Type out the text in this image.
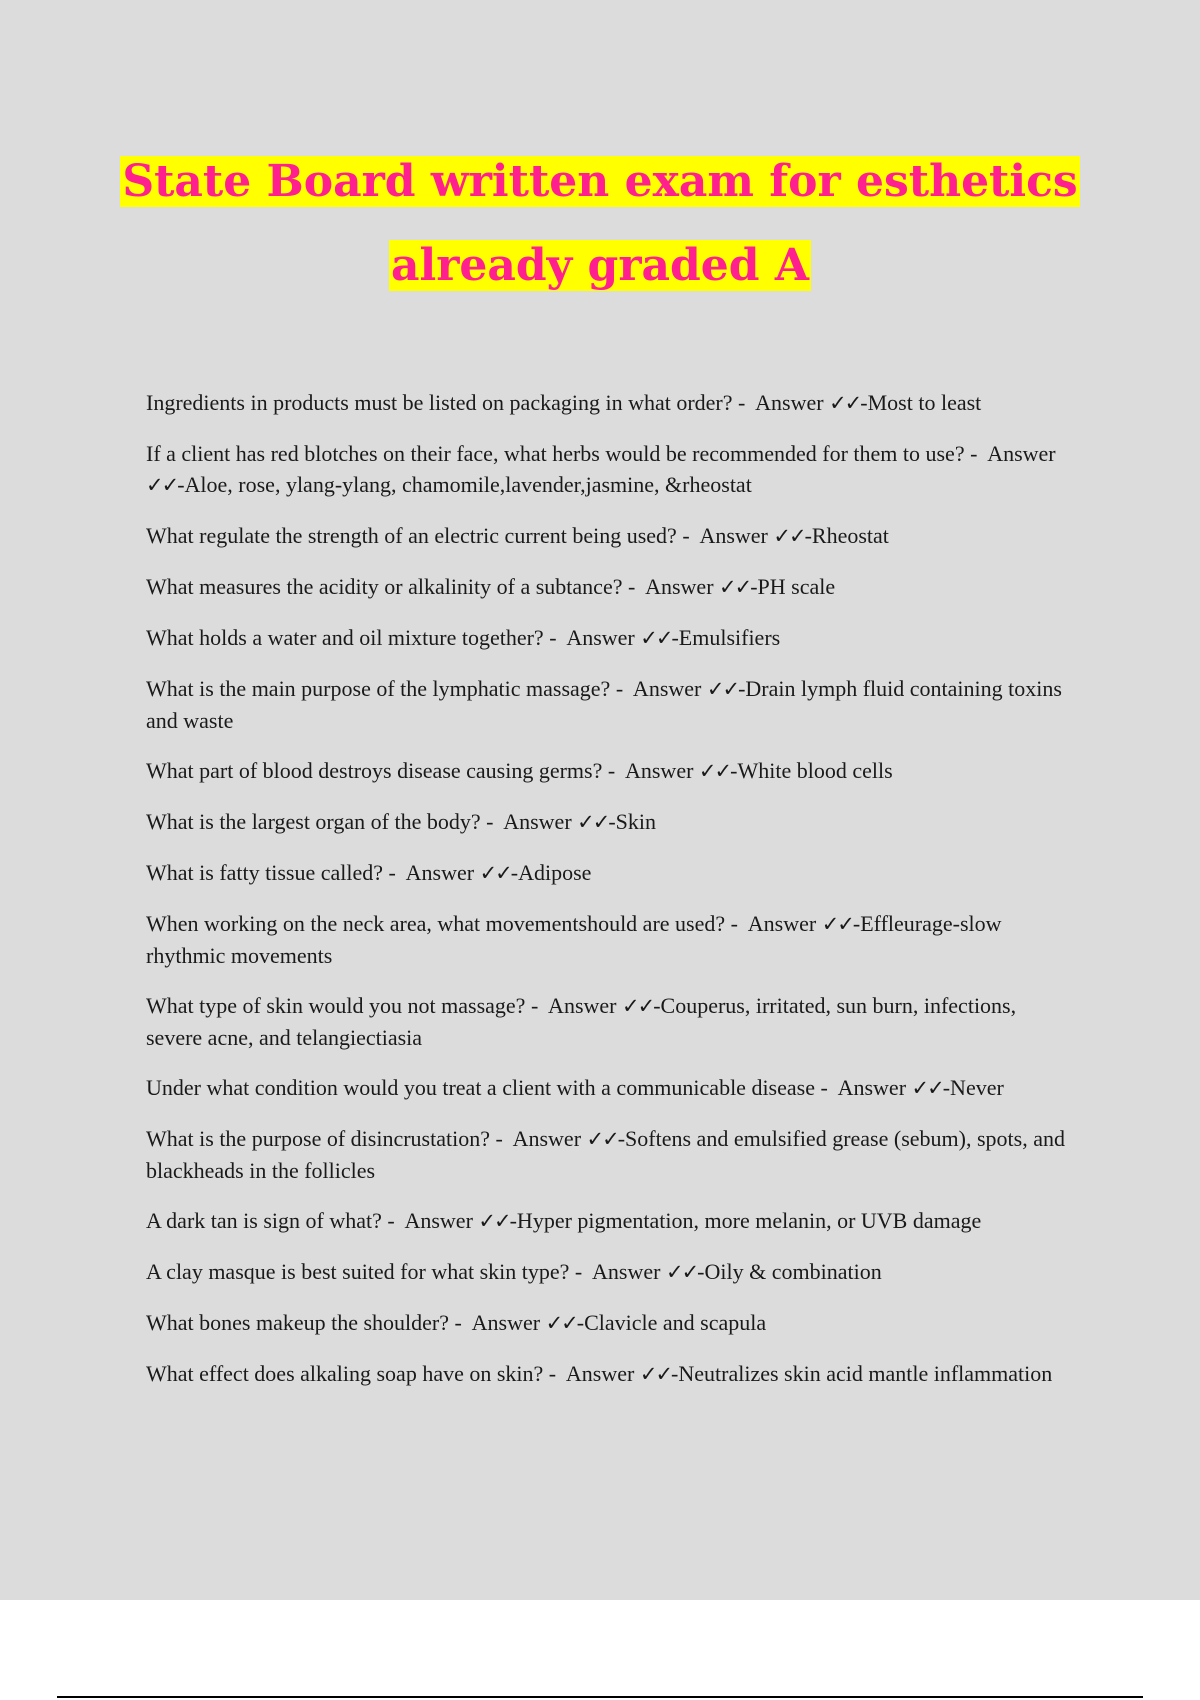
State Board written exam for esthetics
already graded A

Ingredients in products must be listed on packaging in what order? -  Answer ✓✓-Most to least

If a client has red blotches on their face, what herbs would be recommended for them to use? -  Answer ✓✓-Aloe, rose, ylang-ylang, chamomile,lavender,jasmine, &rheostat

What regulate the strength of an electric current being used? -  Answer ✓✓-Rheostat

What measures the acidity or alkalinity of a subtance? -  Answer ✓✓-PH scale

What holds a water and oil mixture together? -  Answer ✓✓-Emulsifiers

What is the main purpose of the lymphatic massage? -  Answer ✓✓-Drain lymph fluid containing toxins and waste

What part of blood destroys disease causing germs? -  Answer ✓✓-White blood cells

What is the largest organ of the body? -  Answer ✓✓-Skin

What is fatty tissue called? -  Answer ✓✓-Adipose

When working on the neck area, what movementshould are used? -  Answer ✓✓-Effleurage-slow rhythmic movements

What type of skin would you not massage? -  Answer ✓✓-Couperus, irritated, sun burn, infections, severe acne, and telangiectiasia

Under what condition would you treat a client with a communicable disease -  Answer ✓✓-Never

What is the purpose of disincrustation? -  Answer ✓✓-Softens and emulsified grease (sebum), spots, and blackheads in the follicles

A dark tan is sign of what? -  Answer ✓✓-Hyper pigmentation, more melanin, or UVB damage

A clay masque is best suited for what skin type? -  Answer ✓✓-Oily & combination

What bones makeup the shoulder? -  Answer ✓✓-Clavicle and scapula

What effect does alkaling soap have on skin? -  Answer ✓✓-Neutralizes skin acid mantle inflammation
